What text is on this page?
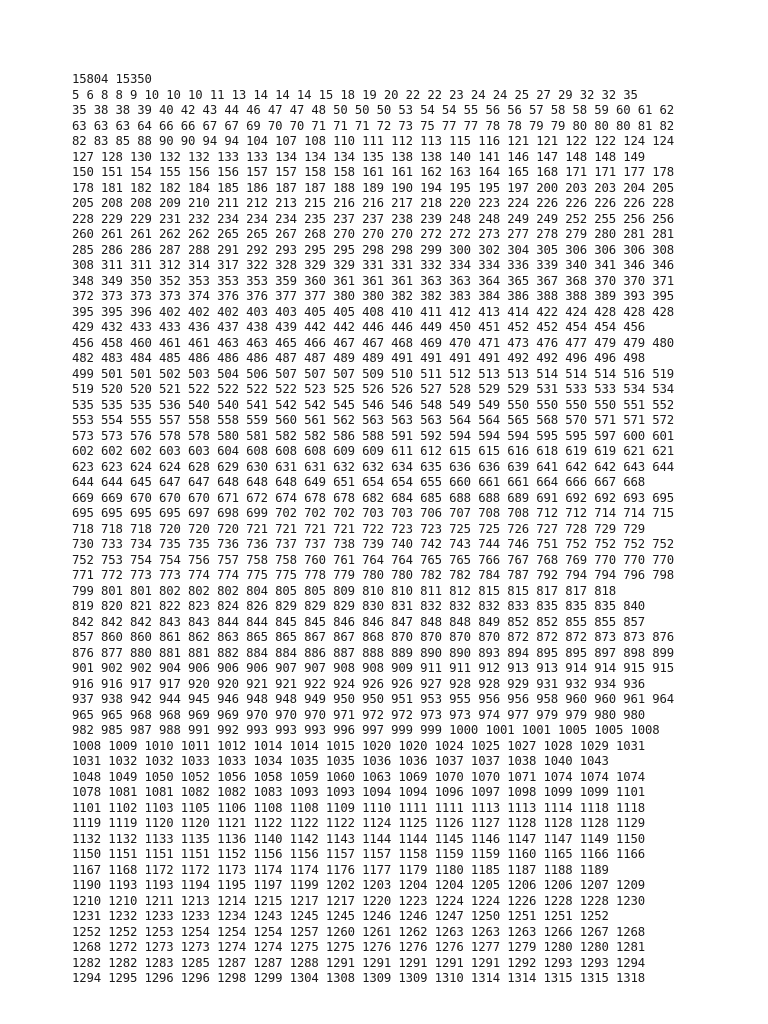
15804 15350
5 6 8 8 9 10 10 10 11 13 14 14 14 15 18 19 20 22 22 23 24 24 25 27 29 32 32 35
35 38 38 39 40 42 43 44 46 47 47 48 50 50 50 53 54 54 55 56 56 57 58 58 59 60 61 62
63 63 63 64 66 66 67 67 69 70 70 71 71 71 72 73 75 77 77 78 78 79 79 80 80 80 81 82
82 83 85 88 90 90 94 94 104 107 108 110 111 112 113 115 116 121 121 122 122 124 124
127 128 130 132 132 133 133 134 134 134 135 138 138 140 141 146 147 148 148 149
150 151 154 155 156 156 157 157 158 158 161 161 162 163 164 165 168 171 171 177 178
178 181 182 182 184 185 186 187 187 188 189 190 194 195 195 197 200 203 203 204 205
205 208 208 209 210 211 212 213 215 216 216 217 218 220 223 224 226 226 226 226 228
228 229 229 231 232 234 234 234 235 237 237 238 239 248 248 249 249 252 255 256 256
260 261 261 262 262 265 265 267 268 270 270 270 272 272 273 277 278 279 280 281 281
285 286 286 287 288 291 292 293 295 295 298 298 299 300 302 304 305 306 306 306 308
308 311 311 312 314 317 322 328 329 329 331 331 332 334 334 336 339 340 341 346 346
348 349 350 352 353 353 353 359 360 361 361 361 363 363 364 365 367 368 370 370 371
372 373 373 373 374 376 376 377 377 380 380 382 382 383 384 386 388 388 389 393 395
395 395 396 402 402 402 403 403 405 405 408 410 411 412 413 414 422 424 428 428 428
429 432 433 433 436 437 438 439 442 442 446 446 449 450 451 452 452 454 454 456
456 458 460 461 461 463 463 465 466 467 467 468 469 470 471 473 476 477 479 479 480
482 483 484 485 486 486 486 487 487 489 489 491 491 491 491 492 492 496 496 498
499 501 501 502 503 504 506 507 507 507 509 510 511 512 513 513 514 514 514 516 519
519 520 520 521 522 522 522 522 523 525 526 526 527 528 529 529 531 533 533 534 534
535 535 535 536 540 540 541 542 542 545 546 546 548 549 549 550 550 550 550 551 552
553 554 555 557 558 558 559 560 561 562 563 563 563 564 564 565 568 570 571 571 572
573 573 576 578 578 580 581 582 582 586 588 591 592 594 594 594 595 595 597 600 601
602 602 602 603 603 604 608 608 608 609 609 611 612 615 615 616 618 619 619 621 621
623 623 624 624 628 629 630 631 631 632 632 634 635 636 636 639 641 642 642 643 644
644 644 645 647 647 648 648 648 649 651 654 654 655 660 661 661 664 666 667 668
669 669 670 670 670 671 672 674 678 678 682 684 685 688 688 689 691 692 692 693 695
695 695 695 695 697 698 699 702 702 702 703 703 706 707 708 708 712 712 714 714 715
718 718 718 720 720 720 721 721 721 721 722 723 723 725 725 726 727 728 729 729
730 733 734 735 735 736 736 737 737 738 739 740 742 743 744 746 751 752 752 752 752
752 753 754 754 756 757 758 758 760 761 764 764 765 765 766 767 768 769 770 770 770
771 772 773 773 774 774 775 775 778 779 780 780 782 782 784 787 792 794 794 796 798
799 801 801 802 802 802 804 805 805 809 810 810 811 812 815 815 817 817 818
819 820 821 822 823 824 826 829 829 829 830 831 832 832 832 833 835 835 835 840
842 842 842 843 843 844 844 845 845 846 846 847 848 848 849 852 852 855 855 857
857 860 860 861 862 863 865 865 867 867 868 870 870 870 870 872 872 872 873 873 876
876 877 880 881 881 882 884 884 886 887 888 889 890 890 893 894 895 895 897 898 899
901 902 902 904 906 906 906 907 907 908 908 909 911 911 912 913 913 914 914 915 915
916 916 917 917 920 920 921 921 922 924 926 926 927 928 928 929 931 932 934 936
937 938 942 944 945 946 948 948 949 950 950 951 953 955 956 956 958 960 960 961 964
965 965 968 968 969 969 970 970 970 971 972 972 973 973 974 977 979 979 980 980
982 985 987 988 991 992 993 993 993 996 997 999 999 1000 1001 1001 1005 1005 1008
1008 1009 1010 1011 1012 1014 1014 1015 1020 1020 1024 1025 1027 1028 1029 1031
1031 1032 1032 1033 1033 1034 1035 1035 1036 1036 1037 1037 1038 1040 1043
1048 1049 1050 1052 1056 1058 1059 1060 1063 1069 1070 1070 1071 1074 1074 1074
1078 1081 1081 1082 1082 1083 1093 1093 1094 1094 1096 1097 1098 1099 1099 1101
1101 1102 1103 1105 1106 1108 1108 1109 1110 1111 1111 1113 1113 1114 1118 1118
1119 1119 1120 1120 1121 1122 1122 1122 1124 1125 1126 1127 1128 1128 1128 1129
1132 1132 1133 1135 1136 1140 1142 1143 1144 1144 1145 1146 1147 1147 1149 1150
1150 1151 1151 1151 1152 1156 1156 1157 1157 1158 1159 1159 1160 1165 1166 1166
1167 1168 1172 1172 1173 1174 1174 1176 1177 1179 1180 1185 1187 1188 1189
1190 1193 1193 1194 1195 1197 1199 1202 1203 1204 1204 1205 1206 1206 1207 1209
1210 1210 1211 1213 1214 1215 1217 1217 1220 1223 1224 1224 1226 1228 1228 1230
1231 1232 1233 1233 1234 1243 1245 1245 1246 1246 1247 1250 1251 1251 1252
1252 1252 1253 1254 1254 1254 1257 1260 1261 1262 1263 1263 1263 1266 1267 1268
1268 1272 1273 1273 1274 1274 1275 1275 1276 1276 1276 1277 1279 1280 1280 1281
1282 1282 1283 1285 1287 1287 1288 1291 1291 1291 1291 1291 1292 1293 1293 1294
1294 1295 1296 1296 1298 1299 1304 1308 1309 1309 1310 1314 1314 1315 1315 1318
